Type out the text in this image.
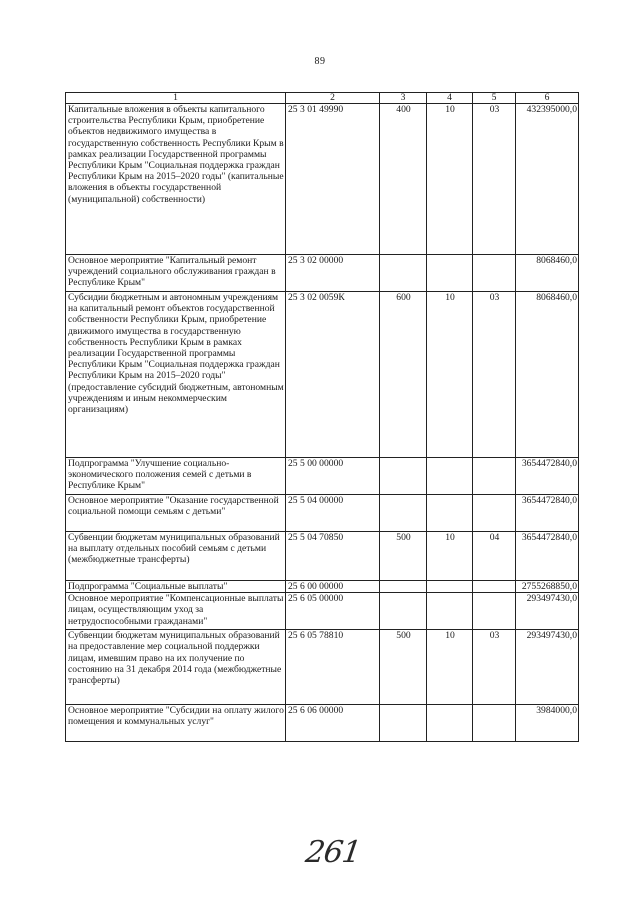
89
1	2	3	4	5	6
Капитальные вложения в объекты капитального строительства Республики Крым, приобретение объектов недвижимого имущества в государственную собственность Республики Крым в рамках реализации Государственной программы Республики Крым "Социальная поддержка граждан Республики Крым на 2015–2020 годы" (капитальные вложения в объекты государственной (муниципальной) собственности)	25 3 01 49990	400	10	03	432395000,0
Основное мероприятие "Капитальный ремонт учреждений социального обслуживания граждан в Республике Крым"	25 3 02 00000				8068460,0
Субсидии бюджетным и автономным учреждениям на капитальный ремонт объектов государственной собственности Республики Крым, приобретение движимого имущества в государственную собственность Республики Крым в рамках реализации Государственной программы Республики Крым "Социальная поддержка граждан Республики Крым на 2015–2020 годы" (предоставление субсидий бюджетным, автономным учреждениям и иным некоммерческим организациям)	25 3 02 0059К	600	10	03	8068460,0
Подпрограмма "Улучшение социально-экономического положения семей с детьми в Республике Крым"	25 5 00 00000				3654472840,0
Основное мероприятие "Оказание государственной социальной помощи семьям с детьми"	25 5 04 00000				3654472840,0
Субвенции бюджетам муниципальных образований на выплату отдельных пособий семьям с детьми (межбюджетные трансферты)	25 5 04 70850	500	10	04	3654472840,0
Подпрограмма "Социальные выплаты"	25 6 00 00000				2755268850,0
Основное мероприятие "Компенсационные выплаты лицам, осуществляющим уход за нетрудоспособными гражданами"	25 6 05 00000				293497430,0
Субвенции бюджетам муниципальных образований на предоставление мер социальной поддержки лицам, имевшим право на их получение по состоянию на 31 декабря 2014 года (межбюджетные трансферты)	25 6 05 78810	500	10	03	293497430,0
Основное мероприятие "Субсидии на оплату жилого помещения и коммунальных услуг"	25 6 06 00000				3984000,0
261
